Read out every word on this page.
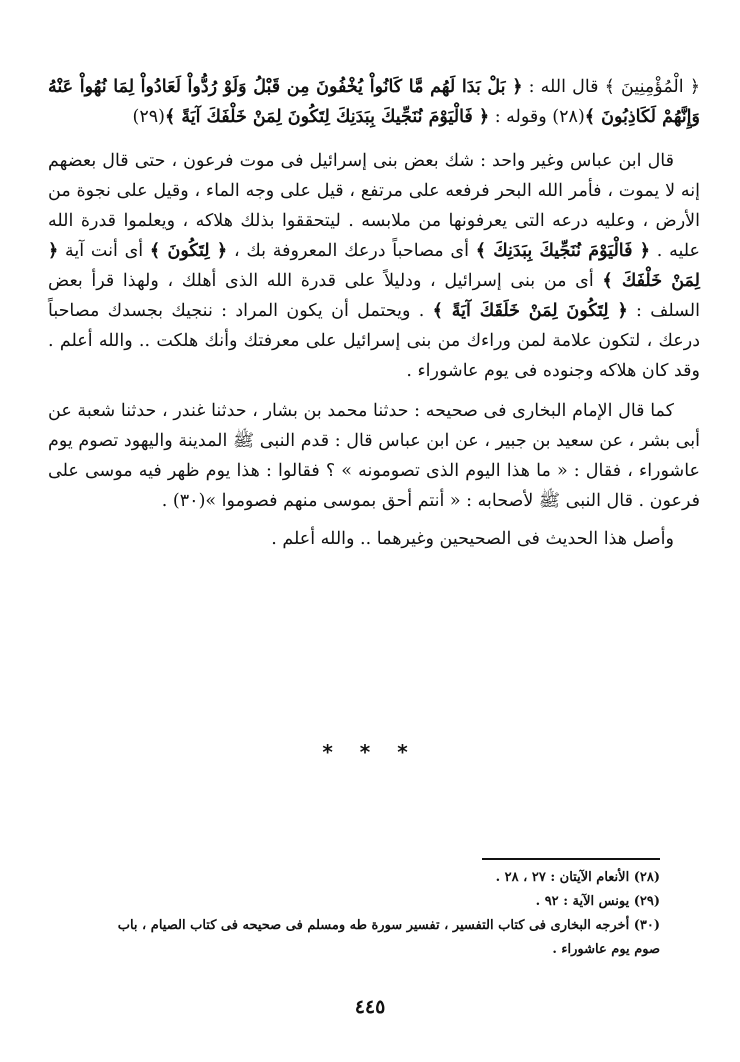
﴿ الْمُؤْمِنِينَ ﴾ قال الله : ﴿ بَلْ بَدَا لَهُم مَّا كَانُواْ يُخْفُونَ مِن قَبْلُ وَلَوْ رُدُّواْ لَعَادُواْ لِمَا نُهُواْ عَنْهُ وَإِنَّهُمْ لَكَاذِبُونَ ﴾(٢٨) وقوله : ﴿ فَالْيَوْمَ نُنَجِّيكَ بِبَدَنِكَ لِتَكُونَ لِمَنْ خَلْفَكَ آيَةً ﴾(٢٩)

قال ابن عباس وغير واحد : شك بعض بنى إسرائيل فى موت فرعون ، حتى قال بعضهم إنه لا يموت ، فأمر الله البحر فرفعه على مرتفع ، قيل على وجه الماء ، وقيل على نجوة من الأرض ، وعليه درعه التى يعرفونها من ملابسه . ليتحققوا بذلك هلاكه ، ويعلموا قدرة الله عليه . ﴿ فَالْيَوْمَ نُنَجِّيكَ بِبَدَنِكَ ﴾ أى مصاحباً درعك المعروفة بك ، ﴿ لِتَكُونَ ﴾ أى أنت آية ﴿ لِمَنْ خَلْفَكَ ﴾ أى من بنى إسرائيل ، ودليلاً على قدرة الله الذى أهلك ، ولهذا قرأ بعض السلف : ﴿ لِتَكُونَ لِمَنْ خَلَقَكَ آيَةً ﴾ . ويحتمل أن يكون المراد : ننجيك بجسدك مصاحباً درعك ، لتكون علامة لمن وراءك من بنى إسرائيل على معرفتك وأنك هلكت .. والله أعلم . وقد كان هلاكه وجنوده فى يوم عاشوراء .

كما قال الإمام البخارى فى صحيحه : حدثنا محمد بن بشار ، حدثنا غندر ، حدثنا شعبة عن أبى بشر ، عن سعيد بن جبير ، عن ابن عباس قال : قدم النبى ﷺ المدينة واليهود تصوم يوم عاشوراء ، فقال : « ما هذا اليوم الذى تصومونه » ؟ فقالوا : هذا يوم ظهر فيه موسى على فرعون . قال النبى ﷺ لأصحابه : « أنتم أحق بموسى منهم فصوموا »(٣٠) .

وأصل هذا الحديث فى الصحيحين وغيرهما .. والله أعلم .

* * *

(٢٨) الأنعام الآيتان : ٢٧ ، ٢٨ .

(٢٩) يونس الآية : ٩٢ .

(٣٠) أخرجه البخارى فى كتاب التفسير ، تفسير سورة طه ومسلم فى صحيحه فى كتاب الصيام ، باب صوم يوم عاشوراء .

٤٤٥
